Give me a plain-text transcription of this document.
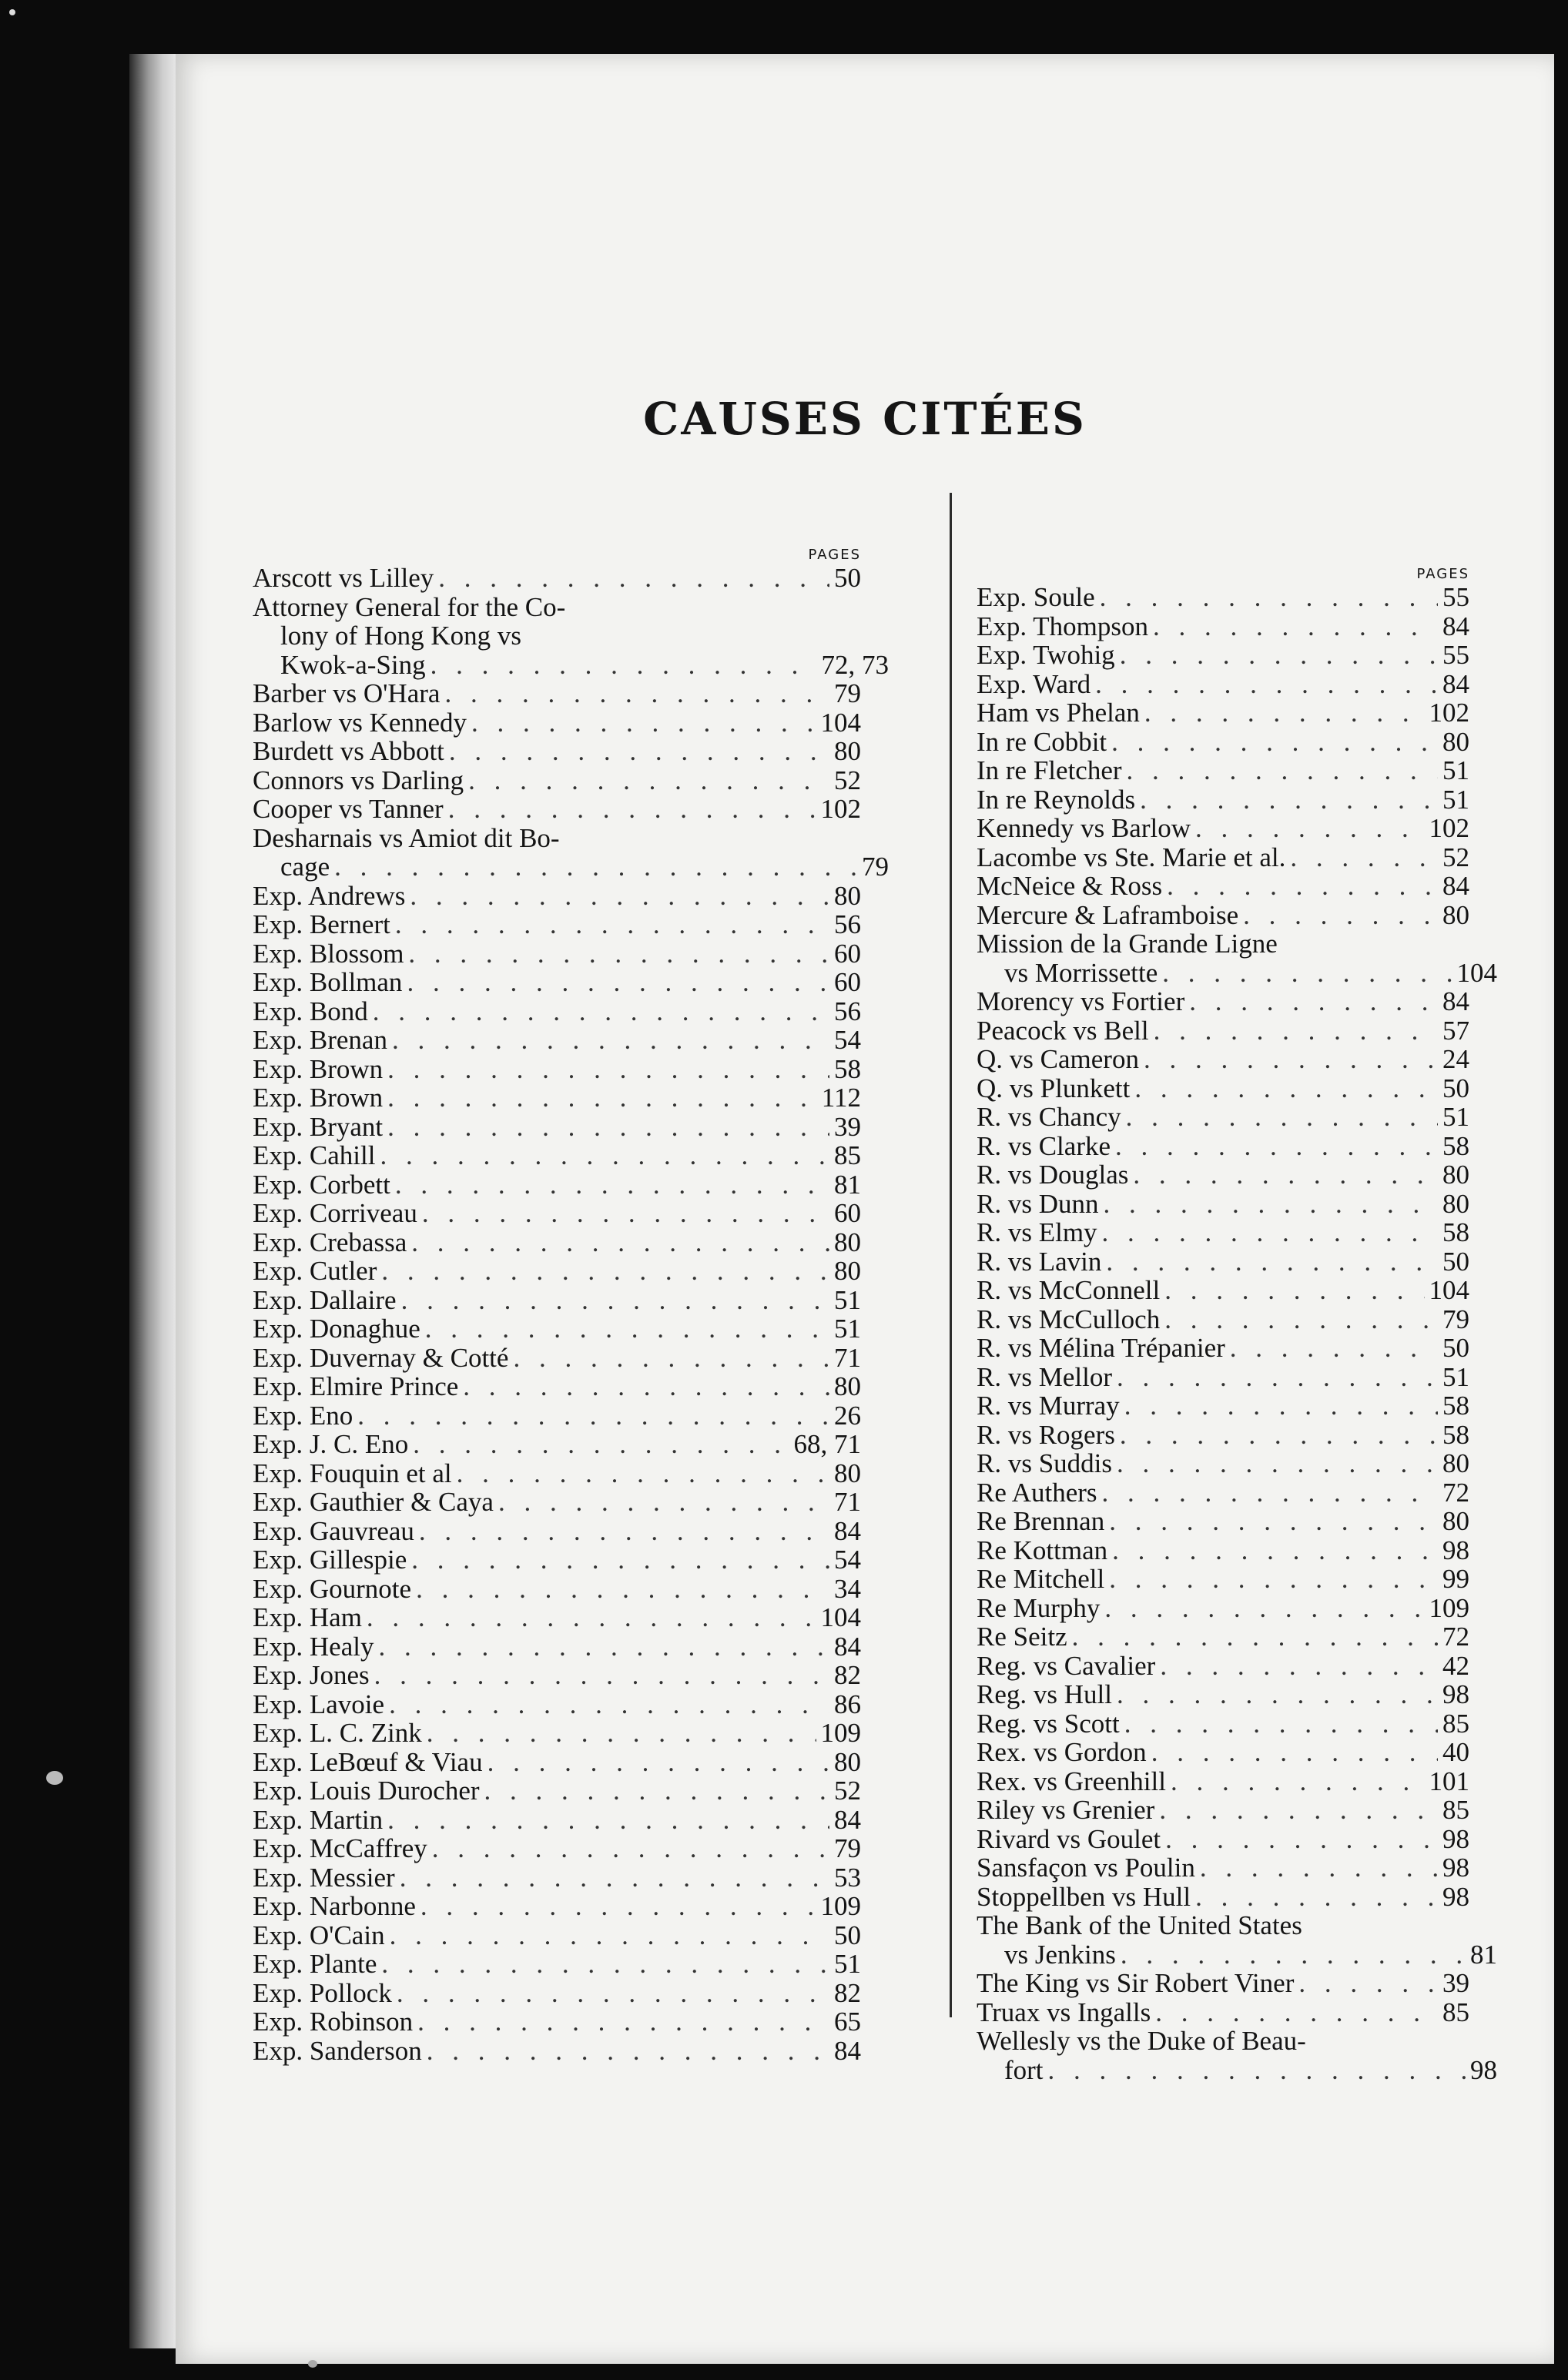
CAUSES CITÉES
PAGES
Arscott vs Lilley . . .	50
Attorney General for the Co-
lony of Hong Kong vs
Kwok-a-Sing . . .	72, 73
Barber vs O'Hara . . .	79
Barlow vs Kennedy . . .	104
Burdett vs Abbott . . .	80
Connors vs Darling . . .	52
Cooper vs Tanner . . .	102
Desharnais vs Amiot dit Bo-
cage . . .	79
Exp. Andrews . . .	80
Exp. Bernert . . .	56
Exp. Blossom . . .	60
Exp. Bollman . . .	60
Exp. Bond . . .	56
Exp. Brenan . . .	54
Exp. Brown . . .	58
Exp. Brown . . .	112
Exp. Bryant . . .	39
Exp. Cahill . . .	85
Exp. Corbett . . .	81
Exp. Corriveau . . .	60
Exp. Crebassa . . .	80
Exp. Cutler . . .	80
Exp. Dallaire . . .	51
Exp. Donaghue . . .	51
Exp. Duvernay & Cotté . . .	71
Exp. Elmire Prince . . .	80
Exp. Eno . . .	26
Exp. J. C. Eno . . .	68, 71
Exp. Fouquin et al . . .	80
Exp. Gauthier & Caya . . .	71
Exp. Gauvreau . . .	84
Exp. Gillespie . . .	54
Exp. Gournote . . .	34
Exp. Ham . . .	104
Exp. Healy . . .	84
Exp. Jones . . .	82
Exp. Lavoie . . .	86
Exp. L. C. Zink . . .	109
Exp. LeBœuf & Viau . . .	80
Exp. Louis Durocher . . .	52
Exp. Martin . . .	84
Exp. McCaffrey . . .	79
Exp. Messier . . .	53
Exp. Narbonne . . .	109
Exp. O'Cain . . .	50
Exp. Plante . . .	51
Exp. Pollock . . .	82
Exp. Robinson . . .	65
Exp. Sanderson . . .	84
PAGES
Exp. Soule . . .	55
Exp. Thompson . . .	84
Exp. Twohig . . .	55
Exp. Ward . . .	84
Ham vs Phelan . . .	102
In re Cobbit . . .	80
In re Fletcher . . .	51
In re Reynolds . . .	51
Kennedy vs Barlow . . .	102
Lacombe vs Ste. Marie et al. . . .	52
McNeice & Ross . . .	84
Mercure & Laframboise . . .	80
Mission de la Grande Ligne
vs Morrissette . . .	104
Morency vs Fortier . . .	84
Peacock vs Bell . . .	57
Q. vs Cameron . . .	24
Q. vs Plunkett . . .	50
R. vs Chancy . . .	51
R. vs Clarke . . .	58
R. vs Douglas . . .	80
R. vs Dunn . . .	80
R. vs Elmy . . .	58
R. vs Lavin . . .	50
R. vs McConnell . . .	104
R. vs McCulloch . . .	79
R. vs Mélina Trépanier . . .	50
R. vs Mellor . . .	51
R. vs Murray . . .	58
R. vs Rogers . . .	58
R. vs Suddis . . .	80
Re Authers . . .	72
Re Brennan . . .	80
Re Kottman . . .	98
Re Mitchell . . .	99
Re Murphy . . .	109
Re Seitz . . .	72
Reg. vs Cavalier . . .	42
Reg. vs Hull . . .	98
Reg. vs Scott . . .	85
Rex. vs Gordon . . .	40
Rex. vs Greenhill . . .	101
Riley vs Grenier . . .	85
Rivard vs Goulet . . .	98
Sansfaçon vs Poulin . . .	98
Stoppellben vs Hull . . .	98
The Bank of the United States
vs Jenkins . . .	81
The King vs Sir Robert Viner . . .	39
Truax vs Ingalls . . .	85
Wellesly vs the Duke of Beau-
fort . . .	98
